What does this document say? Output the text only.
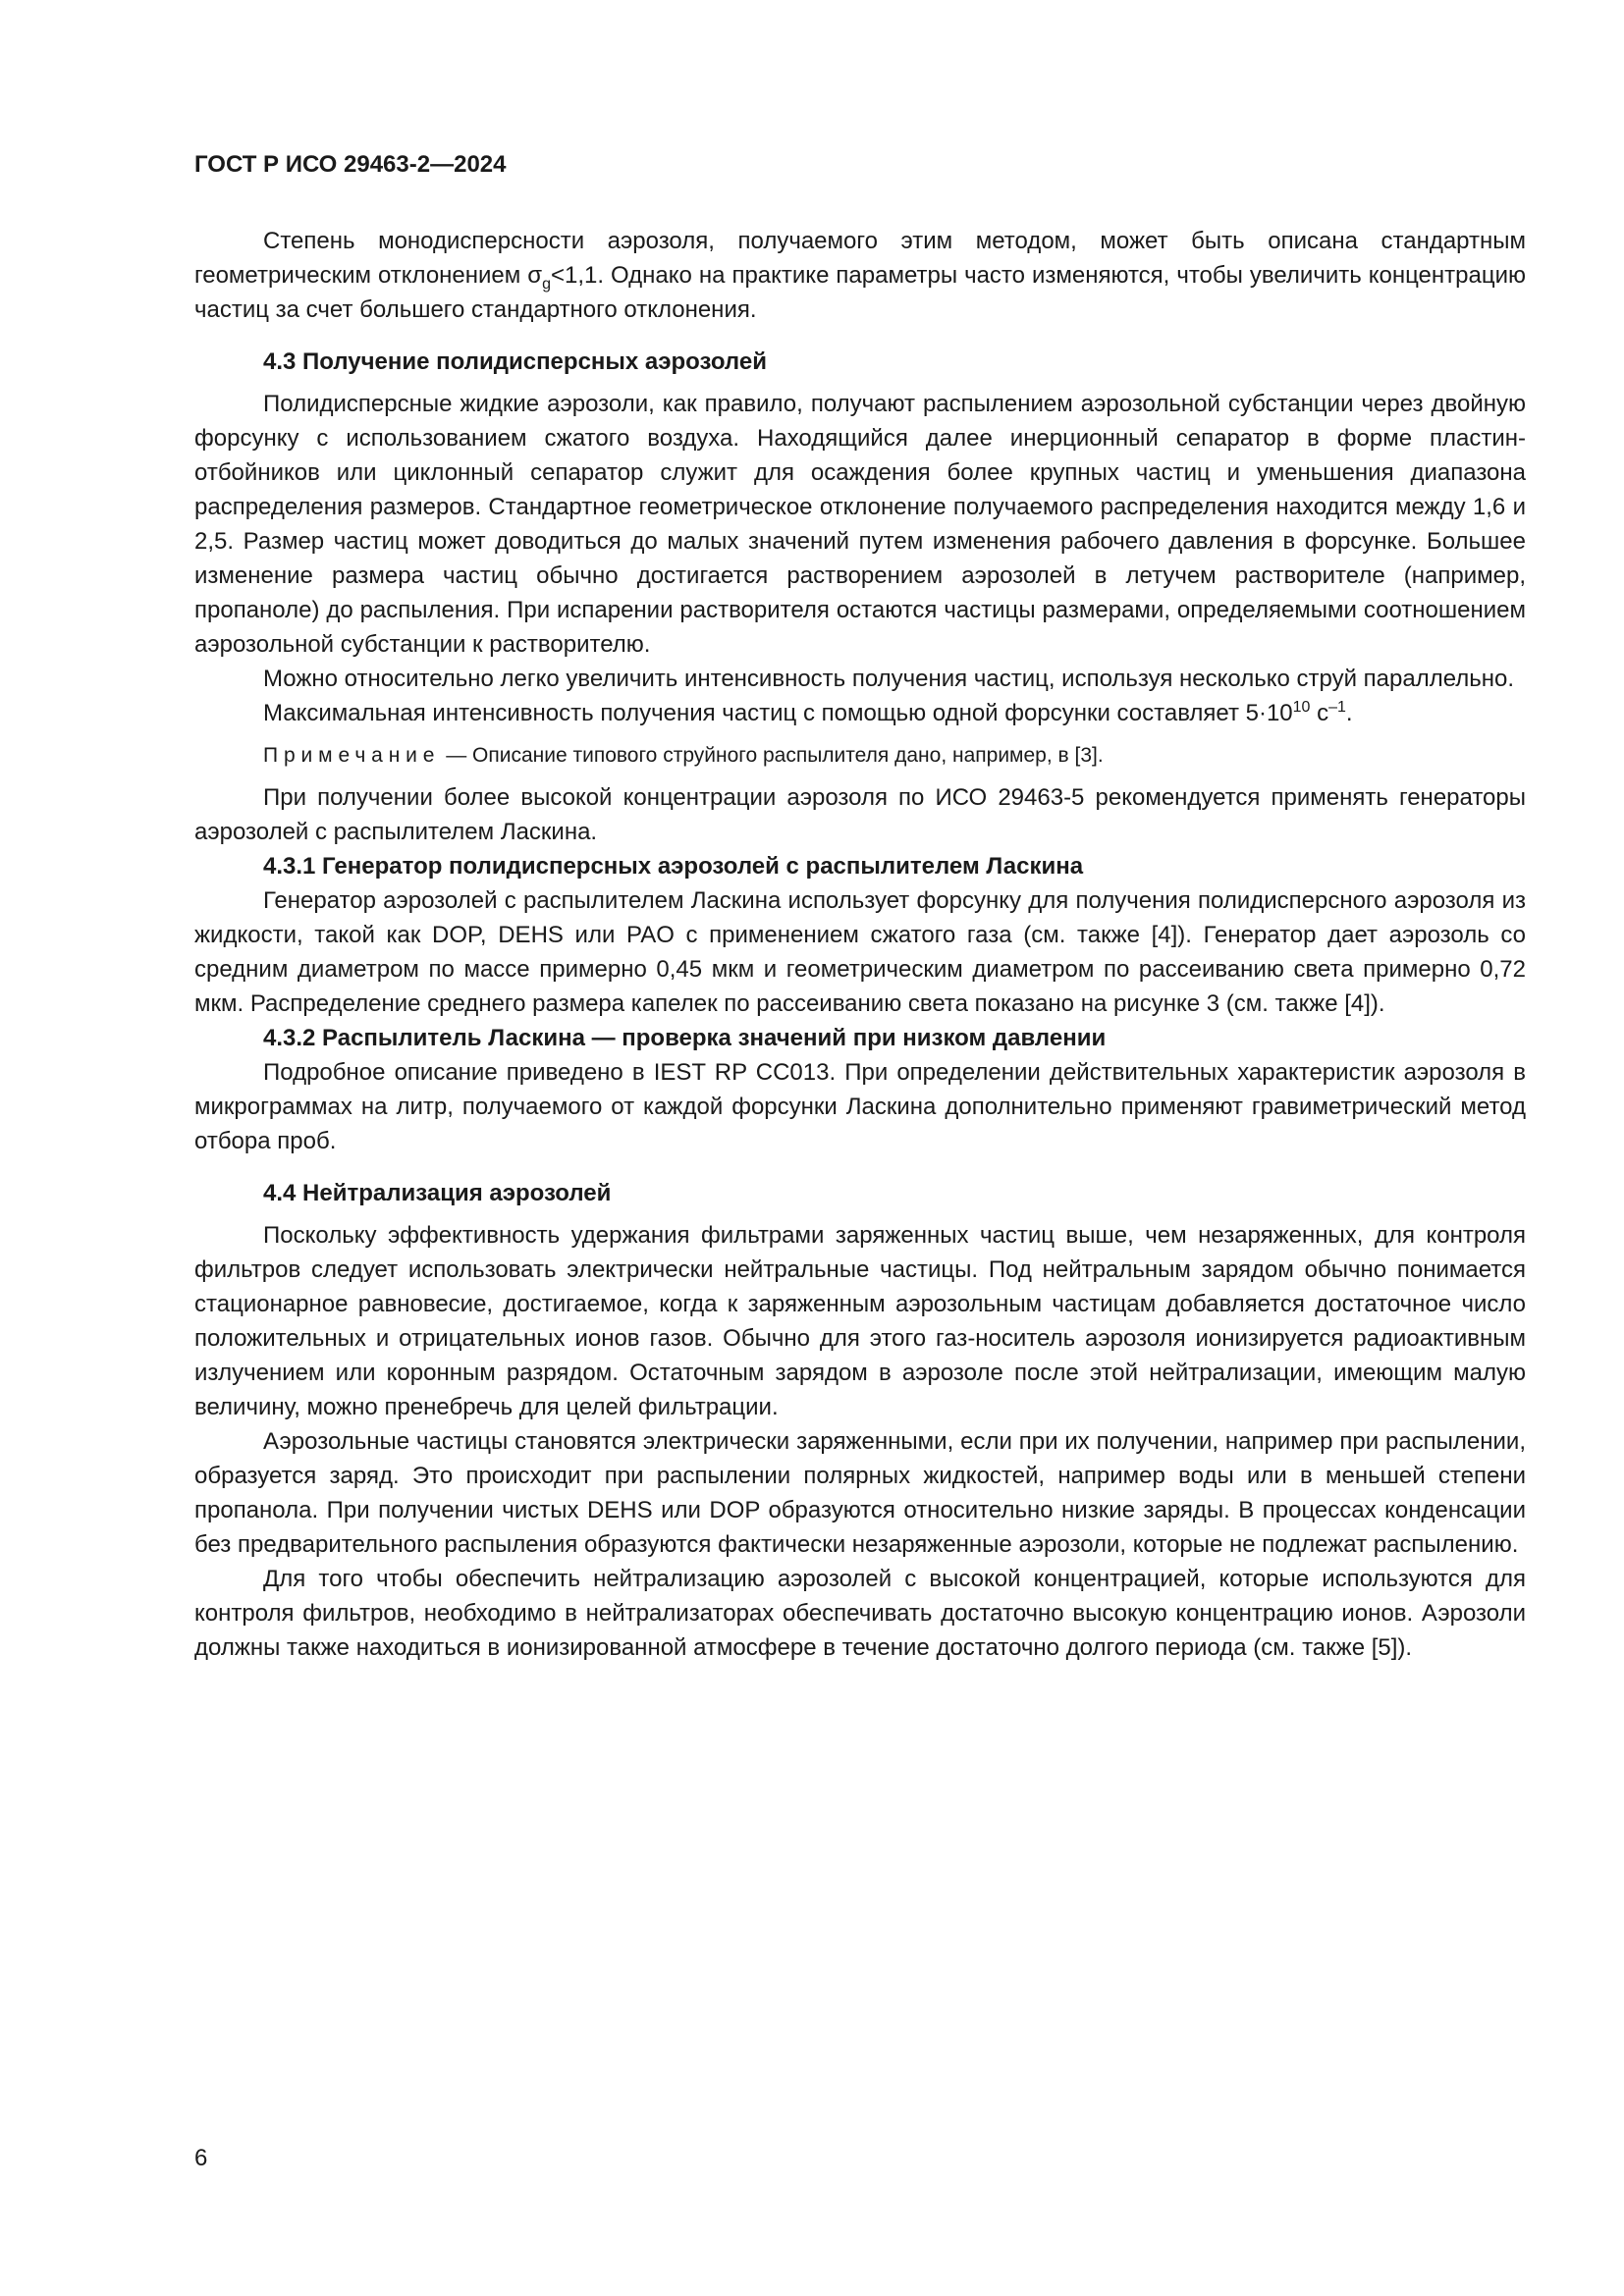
ГОСТ Р ИСО 29463-2—2024

Степень монодисперсности аэрозоля, получаемого этим методом, может быть описана стандартным геометрическим отклонением $\sigma_g<1,1$. Однако на практике параметры часто изменяются, чтобы увеличить концентрацию частиц за счет большего стандартного отклонения.

4.3 Получение полидисперсных аэрозолей

Полидисперсные жидкие аэрозоли, как правило, получают распылением аэрозольной субстанции через двойную форсунку с использованием сжатого воздуха. Находящийся далее инерционный сепаратор в форме пластин-отбойников или циклонный сепаратор служит для осаждения более крупных частиц и уменьшения диапазона распределения размеров. Стандартное геометрическое отклонение получаемого распределения находится между 1,6 и 2,5. Размер частиц может доводиться до малых значений путем изменения рабочего давления в форсунке. Большее изменение размера частиц обычно достигается растворением аэрозолей в летучем растворителе (например, пропаноле) до распыления. При испарении растворителя остаются частицы размерами, определяемыми соотношением аэрозольной субстанции к растворителю.

Можно относительно легко увеличить интенсивность получения частиц, используя несколько струй параллельно.

Максимальная интенсивность получения частиц с помощью одной форсунки составляет $5\cdot 10^{10}$ $с^{-1}$.

Примечание — Описание типового струйного распылителя дано, например, в [3].

При получении более высокой концентрации аэрозоля по ИСО 29463-5 рекомендуется применять генераторы аэрозолей с распылителем Ласкина.

4.3.1 Генератор полидисперсных аэрозолей с распылителем Ласкина

Генератор аэрозолей с распылителем Ласкина использует форсунку для получения полидисперсного аэрозоля из жидкости, такой как DOP, DEHS или PAO с применением сжатого газа (см. также [4]). Генератор дает аэрозоль со средним диаметром по массе примерно 0,45 мкм и геометрическим диаметром по рассеиванию света примерно 0,72 мкм. Распределение среднего размера капелек по рассеиванию света показано на рисунке 3 (см. также [4]).

4.3.2 Распылитель Ласкина — проверка значений при низком давлении

Подробное описание приведено в IEST RP CC013. При определении действительных характеристик аэрозоля в микрограммах на литр, получаемого от каждой форсунки Ласкина дополнительно применяют гравиметрический метод отбора проб.

4.4 Нейтрализация аэрозолей

Поскольку эффективность удержания фильтрами заряженных частиц выше, чем незаряженных, для контроля фильтров следует использовать электрически нейтральные частицы. Под нейтральным зарядом обычно понимается стационарное равновесие, достигаемое, когда к заряженным аэрозольным частицам добавляется достаточное число положительных и отрицательных ионов газов. Обычно для этого газ-носитель аэрозоля ионизируется радиоактивным излучением или коронным разрядом. Остаточным зарядом в аэрозоле после этой нейтрализации, имеющим малую величину, можно пренебречь для целей фильтрации.

Аэрозольные частицы становятся электрически заряженными, если при их получении, например при распылении, образуется заряд. Это происходит при распылении полярных жидкостей, например воды или в меньшей степени пропанола. При получении чистых DEHS или DOP образуются относительно низкие заряды. В процессах конденсации без предварительного распыления образуются фактически незаряженные аэрозоли, которые не подлежат распылению.

Для того чтобы обеспечить нейтрализацию аэрозолей с высокой концентрацией, которые используются для контроля фильтров, необходимо в нейтрализаторах обеспечивать достаточно высокую концентрацию ионов. Аэрозоли должны также находиться в ионизированной атмосфере в течение достаточно долгого периода (см. также [5]).

6
